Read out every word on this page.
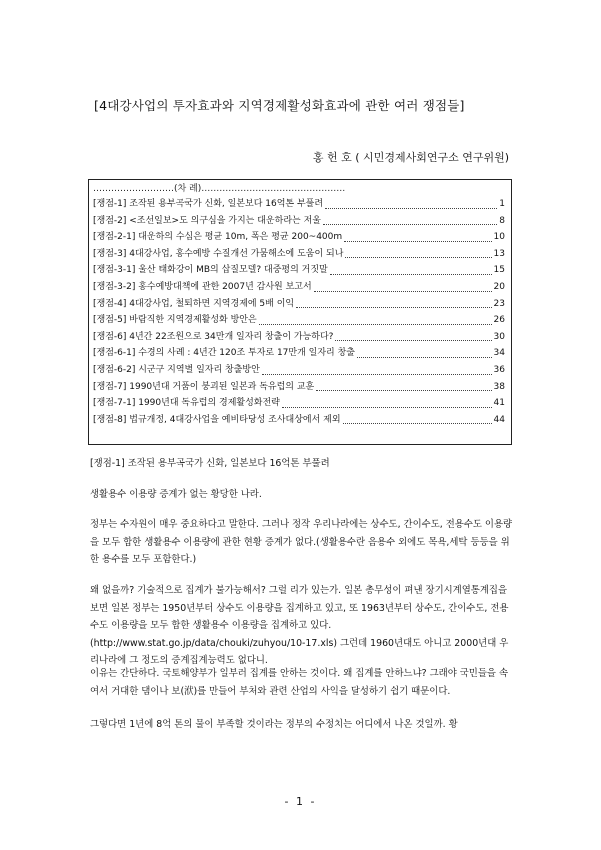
[4대강사업의 투자효과와 지역경제활성화효과에 관한 여러 쟁점들]
홍 헌 호 ( 시민경제사회연구소 연구위원)
………………………(차 례)…………………………………………
[쟁점-1] 조작된 용부곡국가 신화, 일본보다 16억톤 부풀려	1
[쟁점-2] <조선일보>도 의구심을 가지는 대운하라는 저울	8
[쟁점-2-1] 대운하의 수심은 평균 10m, 폭은 평균 200~400m	10
[쟁점-3] 4대강사업, 홍수예방 수질개선 가뭄해소에 도움이 되나	13
[쟁점-3-1] 울산 태화강이 MB의 삽질모델? 대중평의 거짓말	15
[쟁점-3-2] 홍수예방대책에 관한 2007년 감사원 보고서	20
[쟁점-4] 4대강사업, 철퇴하면 지역경제에 5배 이익	23
[쟁점-5] 바람직한 지역경제활성화 방안은	26
[쟁점-6] 4년간 22조원으로 34만개 일자리 창출이 가능하다?	30
[쟁점-6-1] 수경의 사례 : 4년간 120조 투자로 17만개 일자리 창출	34
[쟁점-6-2] 시군구 지역별 일자리 창출방안	36
[쟁점-7] 1990년대 거품이 붕괴된 일본과 독유럽의 교훈	38
[쟁점-7-1] 1990년대 독유럽의 경제활성화전략	41
[쟁점-8] 법규개정, 4대강사업을 예비타당성 조사대상에서 제외	44
[쟁점-1] 조작된 용부곡국가 신화, 일본보다 16억톤 부풀려
생활용수 이용량 증계가 없는 황당한 나라.
정부는 수자원이 매우 중요하다고 말한다. 그러나 정작 우리나라에는 상수도, 간이수도, 전용수도 이용량을 모두 합한 생활용수 이용량에 관한 현황 증계가 없다.(생활용수란 음용수 외에도 목욕,세탁 등등을 위한 용수를 모두 포함한다.)
왜 없을까? 기술적으로 집계가 불가능해서? 그럴 리가 있는가. 일본 총무성이 펴낸 장기시계열통계집을 보면 일본 정부는 1950년부터 상수도 이용량을 집계하고 있고, 또 1963년부터 상수도, 간이수도, 전용수도 이용량을 모두 합한 생활용수 이용량을 집계하고 있다. (http://www.stat.go.jp/data/chouki/zuhyou/10-17.xls) 그런데 1960년대도 아니고 2000년대 우리나라에 그 정도의 증계집계능력도 없다니.
이유는 간단하다. 국토해양부가 일부러 집계를 안하는 것이다. 왜 집계를 안하느냐? 그래야 국민들을 속여서 거대한 댐이나 보(洑)를 만들어 부처와 관련 산업의 사익을 달성하기 쉽기 때문이다.
그렇다면 1년에 8억 톤의 물이 부족할 것이라는 정부의 수정치는 어디에서 나온 것일까. 황
- 1 -
